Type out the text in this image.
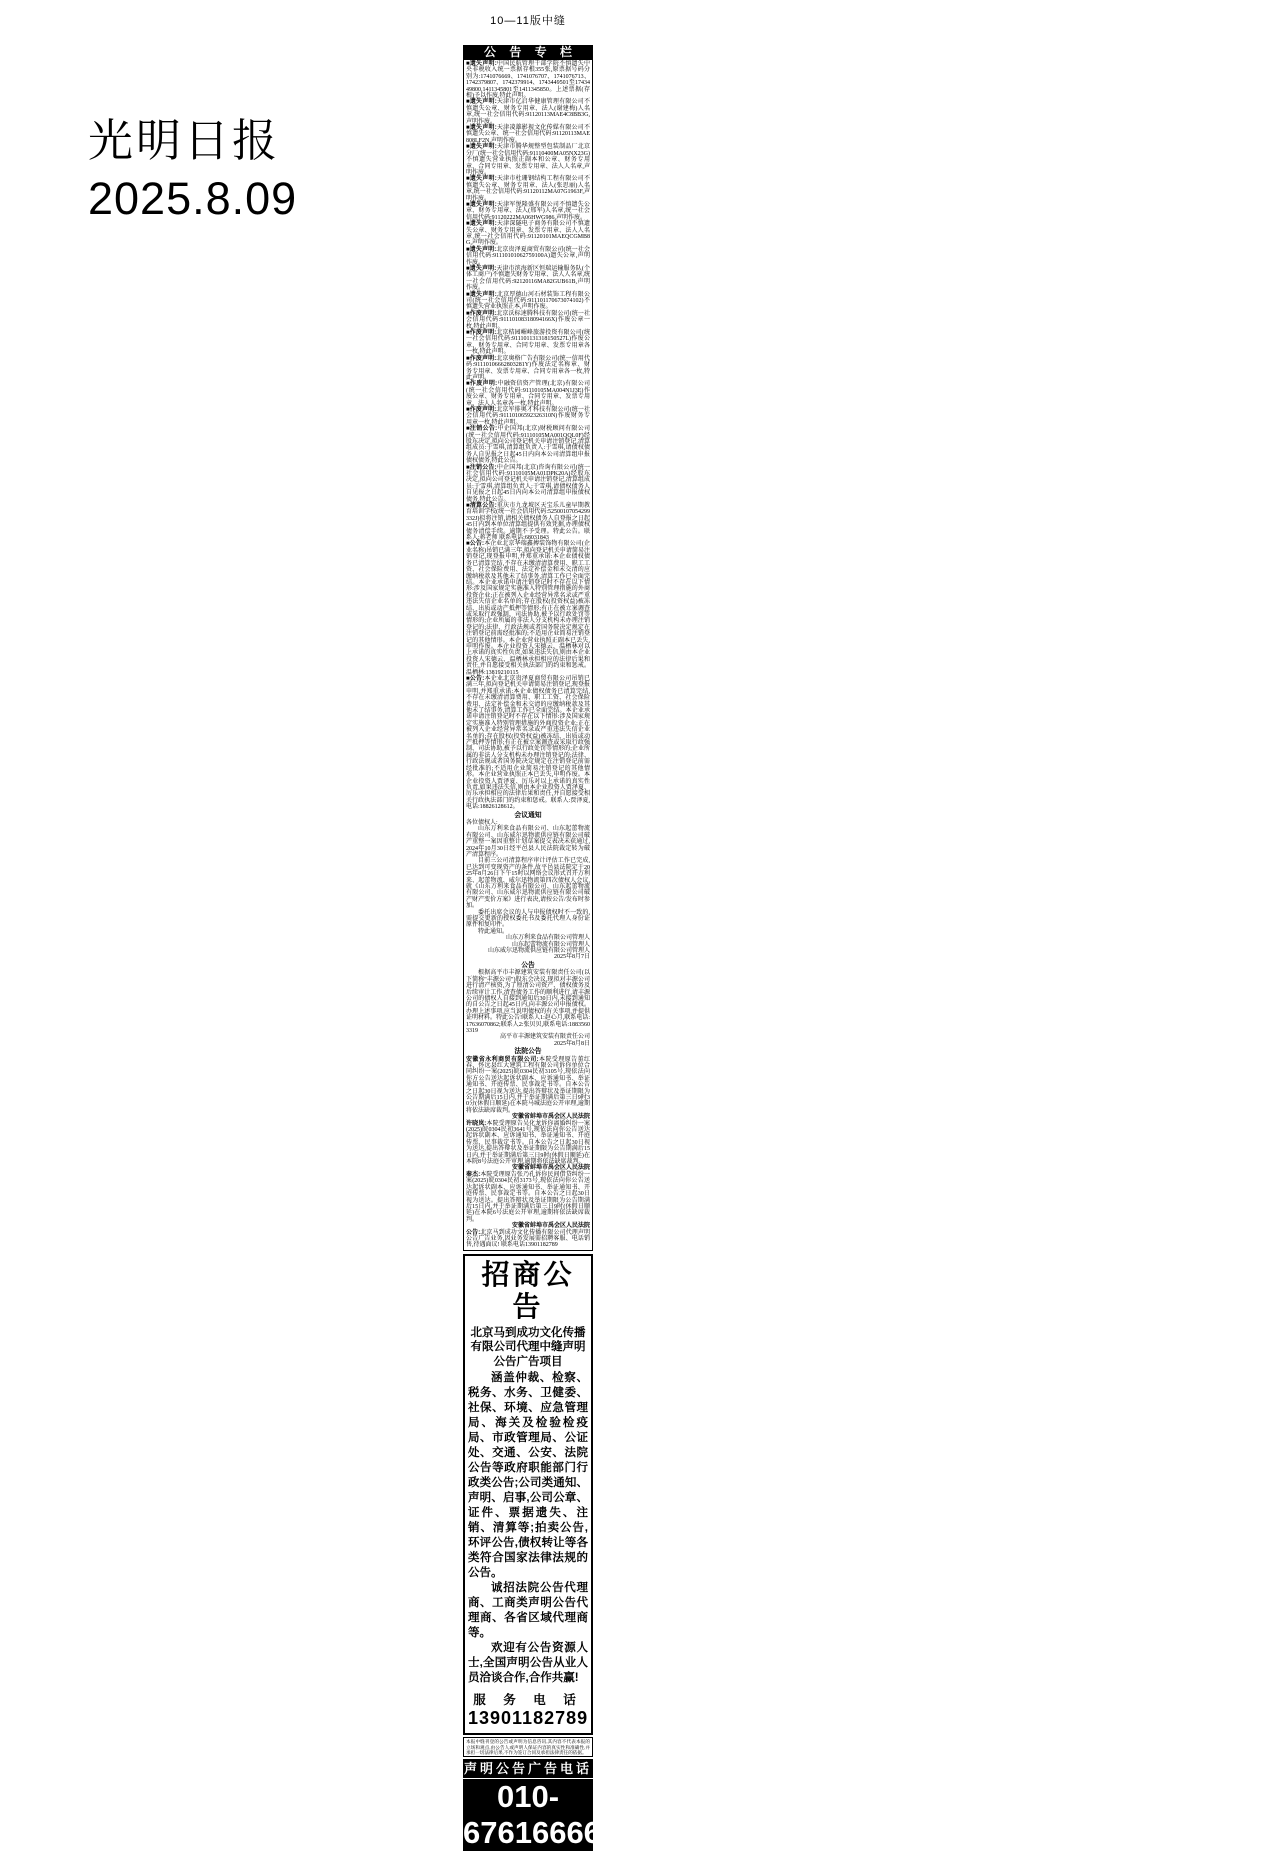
10—11版中缝
光明日报
2025.8.09
公 告 专 栏

■遗失声明:中国民航管理干部学院不慎遗失中央非税收入统一票据存根355张,原票据号码分别为:1741076669、1741076707、1741076713、1742379807、1742379914、1743449501至1743449800,1411345801至1411345850。上述票据(存根)予以作废,特此声明。

■遗失声明:天津市亿启华健康管理有限公司不慎遗失公章、财务专用章、法人(谢建梅)人名章,统一社会信用代码:91120113MAE4C8BB3G,声明作废。

■遗失声明:天津凌雄影视文化传媒有限公司不慎遗失公章、统一社会信用代码:91120113MAE808LF2N,声明作废。

■遗失声明:天津市腾华规整型包装制品厂北京分厂(统一社会信用代码:91110400MA05NX23G)不慎遗失营业执照正副本和公章、财务专用章、合同专用章、发票专用章、法人人名章,声明作废。

■遗失声明:天津市杜珊钢结构工程有限公司不慎遗失公章、财务专用章、法人(张思丽)人名章,统一社会信用代码:91120112MA07G1963F,声明作废。

■遗失声明:天津军悦隆盛有限公司不慎遗失公章、财务专用章、法人(邢军)人名章,统一社会信用代码:91120222MA06HWG986,声明作废。

■遗失声明:天津深隧电子商务有限公司不慎遗失公章、财务专用章、发票专用章、法人人名章,统一社会信用代码:91120101MAEQCGMB8G,声明作废。

■遗失声明:北京贵泽夏商贸有限公司(统一社会信用代码:91110101062759100A)遗失公章,声明作废。

■遗失声明:天津市滨海新区恒瑞运输服务队(个体工商户)不慎遗失财务专用章、法人人名章,统一社会信用代码:92120116MA82GUB61B,声明作废。

■遗失声明:北京厚德山河石材装饰工程有限公司(统一社会信用代码:911101170673074102)不慎遗失营业执照正本,声明作废。

■作废声明:北京沃标速腾科技有限公司(统一社会信用代码:91110108318094166X)作废公章一枚,特此声明。

■作废声明:北京桔园嵋峰旅游投资有限公司(统一社会信用代码:911101131318150527L)作废公章、财务专用章、合同专用章、发票专用章各一枚,特此声明。

■作废声明:北京奥格广告有限公司(统一信用代码:91110106662803281Y)作废法定名称章、财务专用章、发票专用章、合同专用章各一枚,特此声明。

■作废声明:中融资信资产管理(北京)有限公司(统一社会信用代码:91110105MA004N1J3E)作废公章、财务专用章、合同专用章、发票专用章、法人人名章各一枚,特此声明。

■作废声明:北京军排奥才科技有限公司(统一社会信用代码:91110106592326310N)作废财务专用章一枚,特此声明。

■注销公告:中企国邦(北京)财税顾问有限公司(统一社会信用代码:91110105MA001QQL0F)经股东决定,拟向公司登记机关申请注销登记,清算组成员:于雪琪,清算组负责人:于雪琪,请债权债务人自见报之日起45日内向本公司清算组申报债权债务,特此公告。

■注销公告:中企国邦(北京)咨询有限公司(统一社会信用代码:91110105MA01DPK20A)经股东决定,拟向公司登记机关申请注销登记,清算组成员:于雪琪,清算组负责人:于雪琪,请债权债务人自见报之日起45日内向本公司清算组申报债权债务,特此公告。

■清算公告:重庆市九龙坡区天宝乐儿童早期教育培训学校(统一社会信用代码:52500107054299332J)拟将注销,请相关债权债务人自登报之日起45日内到本单位清算组提供有效凭据,办理债权债务清偿手续。逾期不予受理。特此公告。联系人:蒋老师 联系电话:68031843

■公告:本企业北京华瑞鑫搏装饰物有限公司(企业名称)吊销已满三年,拟向登记机关申请简易注销登记,现登报申明,并郑重承诺:本企业债权债务已清算完结,不存在未缴清清算费用、职工工资、社会保险费用、法定补偿金和未交清的应缴纳税款及其他未了结事务,清算工作已全面完结。本企业承诺申请注销登记时不存在以下情形:涉及国家规定实施准入特别管理措施的外商投资企业;正在被列入企业经营异常名录或严重违法失信企业名单的;存在股权(投资权益)被冻结、出质或动产抵押等情形;有正在被立案调查或采取行政强制、司法协助,被予以行政处罚等情形的;企业所属的非法人分支机构未办理注销登记的;法律、行政法规或者国务院决定规定在注销登记前需经批准的;不适用企业简易注销登记的其他情形。本企业营业执照正副本已丢失,申明作废。本企业投资人宋德云、温栖林对以上承诺的真实性负责,如果违法失信,则由本企业投资人宋德云、温栖林承担相应的法律后果和责任,并自愿接受相关执法部门的约束和惩戒。温栖林:13819210115

■公告:本企业北京贵泽夏商贸有限公司吊销已满三年,拟向登记机关申请简易注销登记,现登报申明,并郑重承诺:本企业债权债务已清算完结,不存在未缴清清算费用、职工工资、社会保险费用、法定补偿金和未交清的应缴纳税款及其他未了结事务,清算工作已全面完结。本企业承诺申请注销登记时不存在以下情形:涉及国家规定实施准入特别管理措施的外商投资企业;正在被列入企业经营异常名录或严重违法失信企业名单的;存在股权(投资权益)被冻结、出质或动产抵押等情形;有正在被立案调查或采取行政强制、司法协助,被予以行政处罚等情形的;企业所属的非法人分支机构未办理注销登记的;法律、行政法规或者国务院决定规定在注销登记前需经批准的;不适用企业简易注销登记的其他情形。本企业营业执照正本已丢失,申明作废。本企业投资人贾泽夏、厉乐对以上承诺的真实性负责,如果违法失信,则由本企业投资人贾泽夏、厉乐承担相应的法律后果和责任,并自愿接受相关行政执法部门的约束和惩戒。联系人:贾泽夏,电话:18826128612。

会议通知

各位债权人:

山东万利来食品有限公司、山东起蕾物流有限公司、山东威尔迅物流供应链有限公司破产重整一案因重整计划草案提交表决未获通过,2024年10月30日经平邑县人民法院裁定转为破产清算程序。

目前三公司清算程序审计评估工作已完成,已达到可变现资产的条件,故平邑县法院定于2025年8月26日下午15时以网络会议形式召开万利来、起蕾物流、威尔迅物流第四次债权人会议,就《山东万利来食品有限公司、山东起蕾物流有限公司、山东威尔迅物流供应链有限公司破产财产变价方案》进行表决,请按公告/发布时参加。

委托出席会议的人与申报债权时不一致的,需提交更新的授权委托书及委托代理人身份证原件和复印件。

特此通知。

山东万利来食品有限公司管理人

山东起蕾物流有限公司管理人

山东威尔迅物流供应链有限公司管理人

2025年8月7日

公告

根据高平市丰源建筑安装有限责任公司(以下简称"丰源公司")股东会决议,现拟对丰源公司进行清产核资,为了厘清公司资产、债权债务及后续审计工作,清查债务工作的顺利进行,请丰源公司的债权人自接到通知后30日内,未接到通知的自公告之日起45日内,向丰源公司申报债权。办理上述事项,应当说明债权的有关事项,并提供证明材料。特此公告!联系人1:赵心月,联系电话:17636070862;联系人2:张贝贝,联系电话:18835603319

高平市丰源建筑安装有限责任公司

2025年8月8日

法院公告

安徽省永利商贸有限公司:本院受理原告董红春、怀远县红大建筑工程有限公司诉你单位合同纠纷一案(2025)皖0304民初3105号,现依法向你方公告送达起诉状副本、应诉通知书、举证通知书、开庭传票、民事裁定书等。自本公告之日起30日视为送达,提出答辩状及举证期限为公告期满后15日内,并于举证期满后第三日9时30分(休假日顺延)在本院马城法庭公开审理,逾期将依法缺席裁判。

安徽省蚌埠市禹会区人民法院

许晓岚:本院受理原告吴化龙诉你离婚纠纷一案(2025)皖0304民初3641号,现依法向你公告送达起诉状副本、应诉通知书、举证通知书、开庭传票、民事裁定书等。自本公告之日起30日视为送达,提出答辩状及举证期限为公告期满后15日内,并于举证期满后第三日9时(休假日顺延)在本院8号法庭公开审理,逾期将依法缺席裁判。

安徽省蚌埠市禹会区人民法院

秦杰:本院受理原告张乃孔诉你民间借贷纠纷一案(2025)皖0304民初3173号,现依法向你公告送达起诉状副本、应诉通知书、举证通知书、开庭传票、民事裁定书等。自本公告之日起30日视为送达。提出答辩状及举证期限为公告期满后15日内,并于举证期满后第三日9时(休假日顺延)在本院6号法庭公开审理,逾期将依法缺席裁判。

安徽省蚌埠市禹会区人民法院

公告:北京马到成功文化传播有限公司代理声明公告广告业务,因业务发展需招聘客服、电话销售,待遇面议! 联系电话13901182789

招商公告
北京马到成功文化传播有限公司代理中缝声明公告广告项目

涵盖仲裁、检察、税务、水务、卫健委、社保、环境、应急管理局、海关及检验检疫局、市政管理局、公证处、交通、公安、法院公告等政府职能部门行政类公告;公司类通知、声明、启事,公司公章、证件、票据遗失、注销、清算等;拍卖公告,环评公告,债权转让等各类符合国家法律法规的公告。

诚招法院公告代理商、工商类声明公告代理商、各省区域代理商等。

欢迎有公告资源人士,全国声明公告从业人员洽谈合作,合作共赢!

服 务 电 话
13901182789
本报中缝刊登的公告或声明为信息咨讯,其内容不代表本报的立场和观点,由公告人或声明人保证内容的真实性和准确性,并承担一切法律后果,不作为签订合同及承担法律责任的依据。
声明公告广告电话
010-67616666
